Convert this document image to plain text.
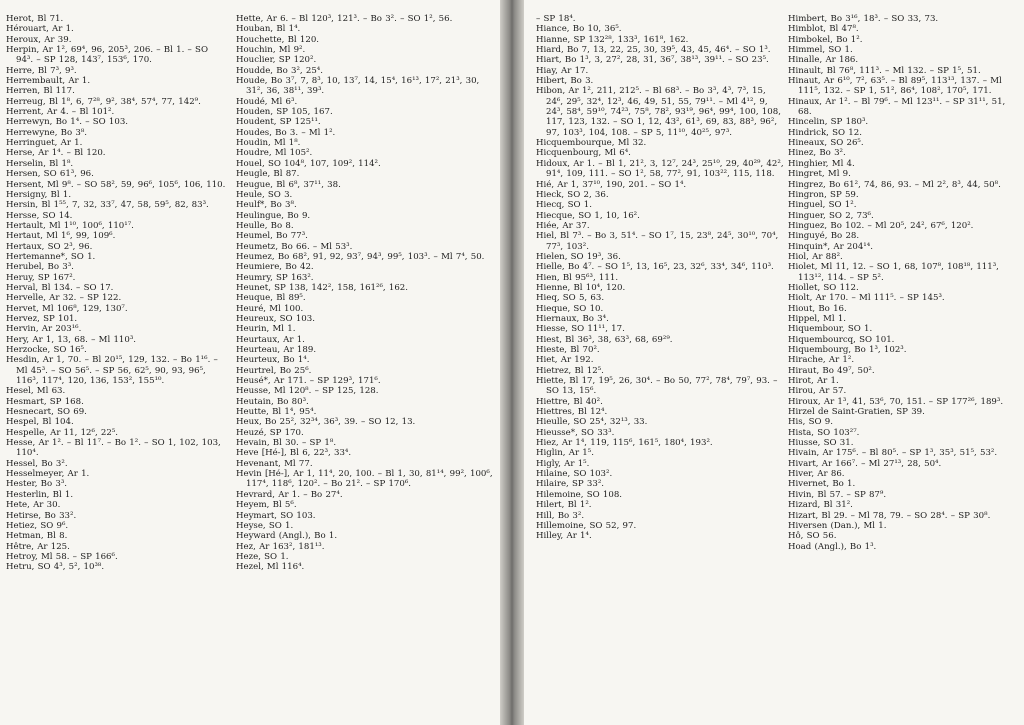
Herot, Bl 71.
Hérouart, Ar 1.
Heroux, Ar 39.
Herpin, Ar 1², 69⁴, 96, 205³, 206. – Bl 1. – SO 94³. – SP 128, 143⁷, 153⁶, 170.
Herre, Bl 7³, 9³.
Herrembault, Ar 1.
Herren, Bl 117.
Herreug, Bl 1⁸, 6, 7²⁸, 9², 38⁴, 57⁴, 77, 142⁹.
Herrent, Ar 4. – Bl 101².
Herrewyn, Bo 1⁴. – SO 103.
Herrewyne, Bo 3⁸.
Herringuet, Ar 1.
Herse, Ar 1⁴. – Bl 120.
Herselin, Bl 1⁸.
Hersen, SO 61³, 96.
Hersent, Ml 9⁸. – SO 58², 59, 96⁶, 105⁶, 106, 110.
Hersigny, Bl 1.
Hersin, Bl 1⁵⁵, 7, 32, 33⁷, 47, 58, 59⁵, 82, 83³.
Hersse, SO 14.
Hertault, Ml 1¹⁰, 100⁶, 110¹⁷.
Hertaut, Ml 1⁶, 99, 109⁶.
Hertaux, SO 2³, 96.
Hertemanne*, SO 1.
Herubel, Bo 3³.
Heruy, SP 167².
Herval, Bl 134. – SO 17.
Hervelle, Ar 32. – SP 122.
Hervet, Ml 106⁸, 129, 130⁷.
Hervez, SP 101.
Hervin, Ar 203¹⁶.
Hery, Ar 1, 13, 68. – Ml 110³.
Herzocke, SO 16⁵.
Hesdin, Ar 1, 70. – Bl 20¹⁵, 129, 132. – Bo 1¹⁶. – Ml 45³. – SO 56⁵. – SP 56, 62⁵, 90, 93, 96⁵, 116³, 117⁴, 120, 136, 153², 155¹⁰.
Hesel, Ml 63.
Hesmart, SP 168.
Hesnecart, SO 69.
Hespel, Bl 104.
Hespelle, Ar 11, 12⁶, 22⁵.
Hesse, Ar 1². – Bl 11⁷. – Bo 1². – SO 1, 102, 103, 110⁴.
Hessel, Bo 3².
Hesselmeyer, Ar 1.
Hester, Bo 3³.
Hesterlin, Bl 1.
Hete, Ar 30.
Hetirse, Bo 33².
Hetiez, SO 9⁶.
Hetman, Bl 8.
Hêtre, Ar 125.
Hetroy, Ml 58. – SP 166⁶.
Hetru, SO 4³, 5², 10³⁸.
Hette, Ar 6. – Bl 120³, 121³. – Bo 3². – SO 1², 56.
Houban, Bl 1⁴.
Houchette, Bl 120.
Houchin, Ml 9².
Houclier, SP 120².
Houdde, Bo 3², 25⁴.
Houde, Bo 3⁷, 7, 8³, 10, 13⁷, 14, 15⁴, 16¹³, 17², 21³, 30, 31², 36, 38¹¹, 39³.
Houdé, Ml 6³.
Houden, SP 105, 167.
Houdent, SP 125¹¹.
Houdes, Bo 3. – Ml 1².
Houdin, Ml 1⁸.
Houdre, Ml 105².
Houel, SO 104⁸, 107, 109², 114².
Heugle, Bl 87.
Heugue, Bl 6⁸, 37¹¹, 38.
Heule, SO 3.
Heulf*, Bo 3⁸.
Heulingue, Bo 9.
Heulle, Bo 8.
Heumel, Bo 77³.
Heumetz, Bo 66. – Ml 53³.
Heumez, Bo 68², 91, 92, 93⁷, 94³, 99⁵, 103³. – Ml 7⁴, 50.
Heumiere, Bo 42.
Heumry, SP 163².
Heunet, SP 138, 142², 158, 161²⁶, 162.
Heuque, Bl 89⁵.
Heuré, Ml 100.
Heureux, SO 103.
Heurin, Ml 1.
Heurtaux, Ar 1.
Heurteau, Ar 189.
Heurteux, Bo 1⁴.
Heurtrel, Bo 25⁶.
Heusé*, Ar 171. – SP 129³, 171⁶.
Heusse, Ml 120⁸. – SP 125, 128.
Heutain, Bo 80³.
Heutte, Bl 1⁴, 95⁴.
Heux, Bo 25², 32³⁴, 36³, 39. – SO 12, 13.
Heuzé, SP 170.
Hevain, Bl 30. – SP 1⁸.
Heve [Hé-], Bl 6, 22³, 33⁴.
Hevenant, Ml 77.
Hevin [Hé-], Ar 1, 11⁴, 20, 100. – Bl 1, 30, 81¹⁴, 99², 100⁶, 117⁴, 118⁶, 120². – Bo 21². – SP 170⁶.
Hevrard, Ar 1. – Bo 27⁴.
Heyem, Bl 5⁶.
Heymart, SO 103.
Heyse, SO 1.
Heyward (Angl.), Bo 1.
Hez, Ar 163², 181¹³.
Heze, SO 1.
Hezel, Ml 116⁴.
– SP 18⁴.
Hiance, Bo 10, 36⁵.
Hianne, SP 132²⁸, 133³, 161⁸, 162.
Hiard, Bo 7, 13, 22, 25, 30, 39⁵, 43, 45, 46⁴. – SO 1³.
Hiart, Bo 1³, 3, 27², 28, 31, 36⁷, 38¹³, 39¹¹. – SO 23⁵.
Hiay, Ar 17.
Hibert, Bo 3.
Hibon, Ar 1², 211, 212⁵. – Bl 68³. – Bo 3³, 4³, 7³, 15, 24⁶, 29⁵, 32⁴, 12³, 46, 49, 51, 55, 79¹¹. – Ml 4¹², 9, 24³, 58⁴, 59¹⁰, 74²³, 75⁸, 78², 93¹⁹, 96⁴, 99⁴, 100, 108, 117, 123, 132. – SO 1, 12, 43², 61³, 69, 83, 88³, 96², 97, 103³, 104, 108. – SP 5, 11¹⁰, 40²⁵, 97³.
Hicquembourque, Ml 32.
Hicquenbourg, Ml 6⁴.
Hidoux, Ar 1. – Bl 1, 21², 3, 12⁷, 24³, 25¹⁰, 29, 40²⁹, 42², 91⁴, 109, 111. – SO 1², 58, 77², 91, 103²², 115, 118.
Hié, Ar 1, 37¹⁰, 190, 201. – SO 1⁴.
Hieck, SO 2, 36.
Hiecq, SO 1.
Hiecque, SO 1, 10, 16².
Hiée, Ar 37.
Hiel, Bl 7³. – Bo 3, 51⁴. – SO 1⁷, 15, 23⁸, 24⁵, 30¹⁰, 70⁴, 77³, 103².
Hielen, SO 19³, 36.
Hielle, Bo 4⁷. – SO 1⁵, 13, 16⁵, 23, 32⁶, 33⁴, 34⁶, 110³.
Hien, Bl 95⁶³, 111.
Hienne, Bl 10⁴, 120.
Hieq, SO 5, 63.
Hieque, SO 10.
Hiernaux, Bo 3⁴.
Hiesse, SO 11¹¹, 17.
Hiest, Bl 36³, 38, 63³, 68, 69²⁹.
Hieste, Bl 70².
Hiet, Ar 192.
Hietrez, Bl 12⁵.
Hiette, Bl 17, 19⁵, 26, 30⁴. – Bo 50, 77², 78⁴, 79⁷, 93. – SO 13, 15⁶.
Hiettre, Bl 40².
Hiettres, Bl 12⁴.
Hieulle, SO 25⁴, 32¹³, 33.
Hieusse*, SO 33³.
Hiez, Ar 1⁴, 119, 115⁶, 161⁵, 180⁴, 193².
Higlin, Ar 1⁵.
Higly, Ar 1⁵.
Hilaine, SO 103².
Hilaire, SP 33².
Hilemoine, SO 108.
Hilert, Bl 1².
Hill, Bo 3².
Hillemoine, SO 52, 97.
Hilley, Ar 1⁴.
Himbert, Bo 3¹⁶, 18³. – SO 33, 73.
Himblot, Bl 47⁸.
Himbokel, Bo 1².
Himmel, SO 1.
Hinalle, Ar 186.
Hinault, Bl 76⁸, 111³. – Ml 132. – SP 1⁵, 51.
Hinaut, Ar 6¹⁰, 7², 63⁵. – Bl 89⁵, 113¹³, 137. – Ml 111⁵, 132. – SP 1, 51², 86⁴, 108², 170⁵, 171.
Hinaux, Ar 1². – Bl 79⁶. – Ml 123¹¹. – SP 31¹¹, 51, 68.
Hincelin, SP 180³.
Hindrick, SO 12.
Hineaux, SO 26⁵.
Hinez, Bo 3².
Hinghier, Ml 4.
Hingret, Ml 9.
Hingrez, Bo 61², 74, 86, 93. – Ml 2², 8³, 44, 50⁸.
Hingron, SP 59.
Hinguel, SO 1².
Hinguer, SO 2, 73⁶.
Hinguez, Bo 102. – Ml 20⁵, 24², 67⁶, 120².
Hinguyé, Bo 28.
Hinquin*, Ar 204¹⁴.
Hiol, Ar 88².
Hiolet, Ml 11, 12. – SO 1, 68, 107⁸, 108¹⁸, 111³, 113¹², 114. – SP 5².
Hiollet, SO 112.
Hiolt, Ar 170. – Ml 111⁵. – SP 145³.
Hiout, Bo 16.
Hippel, Ml 1.
Hiquembour, SO 1.
Hiquembourcq, SO 101.
Hiquembourg, Bo 1³, 102³.
Hirache, Ar 1².
Hiraut, Bo 49⁷, 50².
Hirot, Ar 1.
Hirou, Ar 57.
Hiroux, Ar 1³, 41, 53⁶, 70, 151. – SP 177²⁶, 189³.
Hirzel de Saint-Gratien, SP 39.
His, SO 9.
Hista, SO 103²⁷.
Hiusse, SO 31.
Hivain, Ar 175⁶. – Bl 80⁵. – SP 1³, 35³, 51⁵, 53².
Hivart, Ar 166⁷. – Ml 27¹³, 28, 50⁴.
Hiver, Ar 86.
Hivernet, Bo 1.
Hivin, Bl 57. – SP 87⁹.
Hizard, Bl 31².
Hizart, Bl 29. – Ml 78, 79. – SO 28⁴. – SP 30⁸.
Hiversen (Dan.), Ml 1.
Hô, SO 56.
Hoad (Angl.), Bo 1³.
